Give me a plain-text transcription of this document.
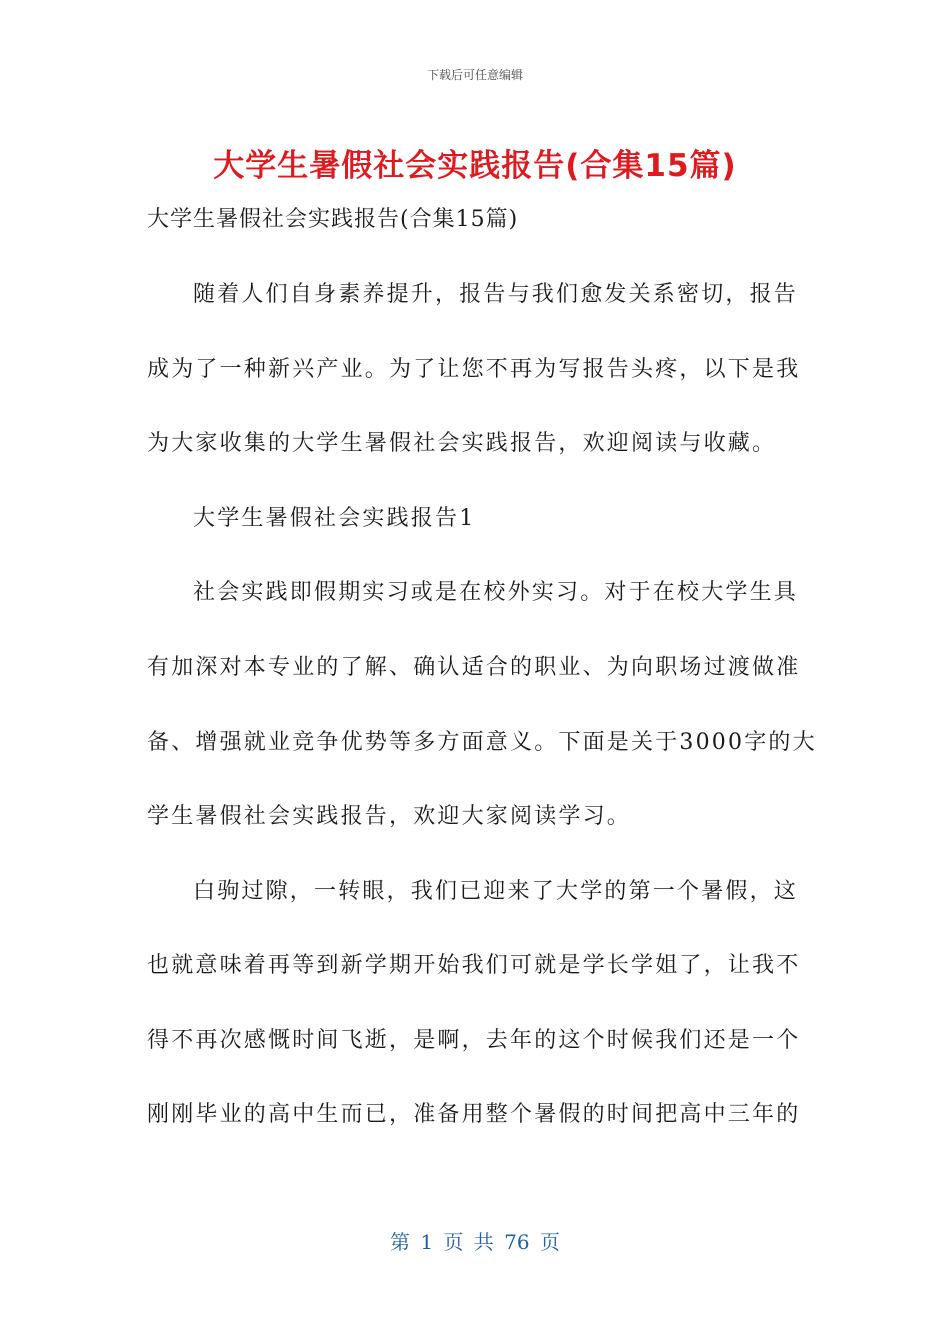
下载后可任意编辑
大学生暑假社会实践报告(合集15篇)
大学生暑假社会实践报告(合集15篇)
随着人们自身素养提升，报告与我们愈发关系密切，报告
成为了一种新兴产业。为了让您不再为写报告头疼，以下是我
为大家收集的大学生暑假社会实践报告，欢迎阅读与收藏。
大学生暑假社会实践报告1
社会实践即假期实习或是在校外实习。对于在校大学生具
有加深对本专业的了解、确认适合的职业、为向职场过渡做准
备、增强就业竞争优势等多方面意义。下面是关于3000字的大
学生暑假社会实践报告，欢迎大家阅读学习。
白驹过隙，一转眼，我们已迎来了大学的第一个暑假，这
也就意味着再等到新学期开始我们可就是学长学姐了，让我不
得不再次感慨时间飞逝，是啊，去年的这个时候我们还是一个
刚刚毕业的高中生而已，准备用整个暑假的时间把高中三年的
第 1 页 共 76 页
